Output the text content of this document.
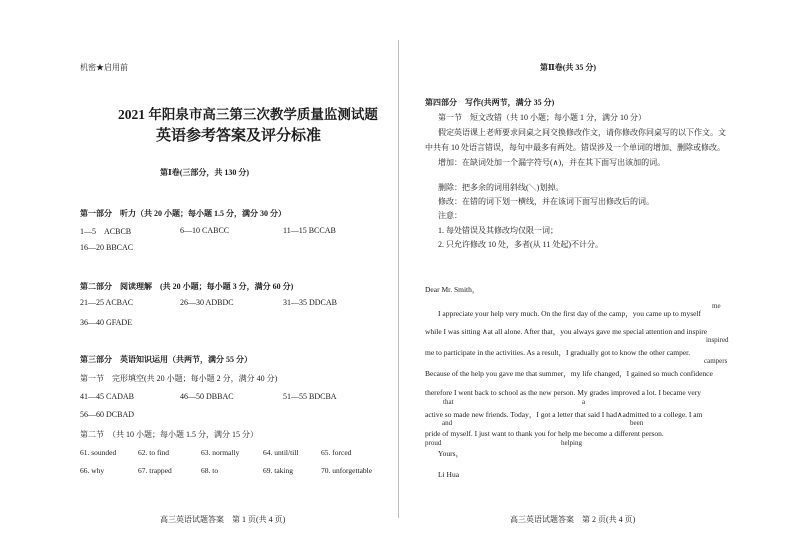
机密★启用前
2021 年阳泉市高三第三次教学质量监测试题
英语参考答案及评分标准
第Ⅰ卷(三部分，共 130 分)
第一部分　听力（共 20 小题；每小题 1.5 分，满分 30 分）
1—5　ACBCB	6—10 CABCC	11—15 BCCAB
16—20 BBCAC
第二部分　阅读理解　(共 20 小题；每小题 3 分，满分 60 分)
21—25 ACBAC	26—30 ADBDC	31—35 DDCAB
36—40 GFADE
第三部分　英语知识运用（共两节，满分 55 分）
第一节　完形填空(共 20 小题；每小题 2 分，满分 40 分)
41—45 CADAB	46—50 DBBAC	51—55 BDCBA
56—60 DCBAD
第二节　（共 10 小题；每小题 1.5 分，满分 15 分）
61. sounded	62. to find	63. normally	64. until/till	65. forced
66. why	67. trapped	68. to	69. taking	70. unforgettable
高三英语试题答案　第 1 页(共 4 页)
第Ⅱ卷(共 35 分)
第四部分　写作(共两节，满分 35 分)
第一节　短文改错（共 10 小题；每小题 1 分，满分 10 分）
假定英语课上老师要求同桌之间交换修改作文，请你修改你同桌写的以下作文。文
中共有 10 处语言错误，每句中最多有两处。错误涉及一个单词的增加、删除或修改。
增加：在缺词处加一个漏字符号(∧)，并在其下面写出该加的词。
删除：把多余的词用斜线(＼)划掉。
修改：在错的词下划一横线，并在该词下面写出修改后的词。
注意：
1. 每处错误及其修改均仅限一词；
2. 只允许修改 10 处，多者(从 11 处起)不计分。
Dear Mr. Smith，
me
I appreciate your help very much. On the first day of the camp，you came up to myself
while I was sitting ∧at all alone. After that，you always gave me special attention and inspire
inspired
me to participate in the activities. As a result，I gradually got to know the other camper.
campers
Because of the help you gave me that summer，my life changed，I gained so much confidence
therefore I went back to school as the new person. My grades improved a lot. I became very
that	a
active so made new friends. Today，I got a letter that said I had∧admitted to a college. I am
and	been
pride of myself. I just want to thank you for help me become a different person.
proud	helping
Yours，
Li Hua
高三英语试题答案　第 2 页(共 4 页)
